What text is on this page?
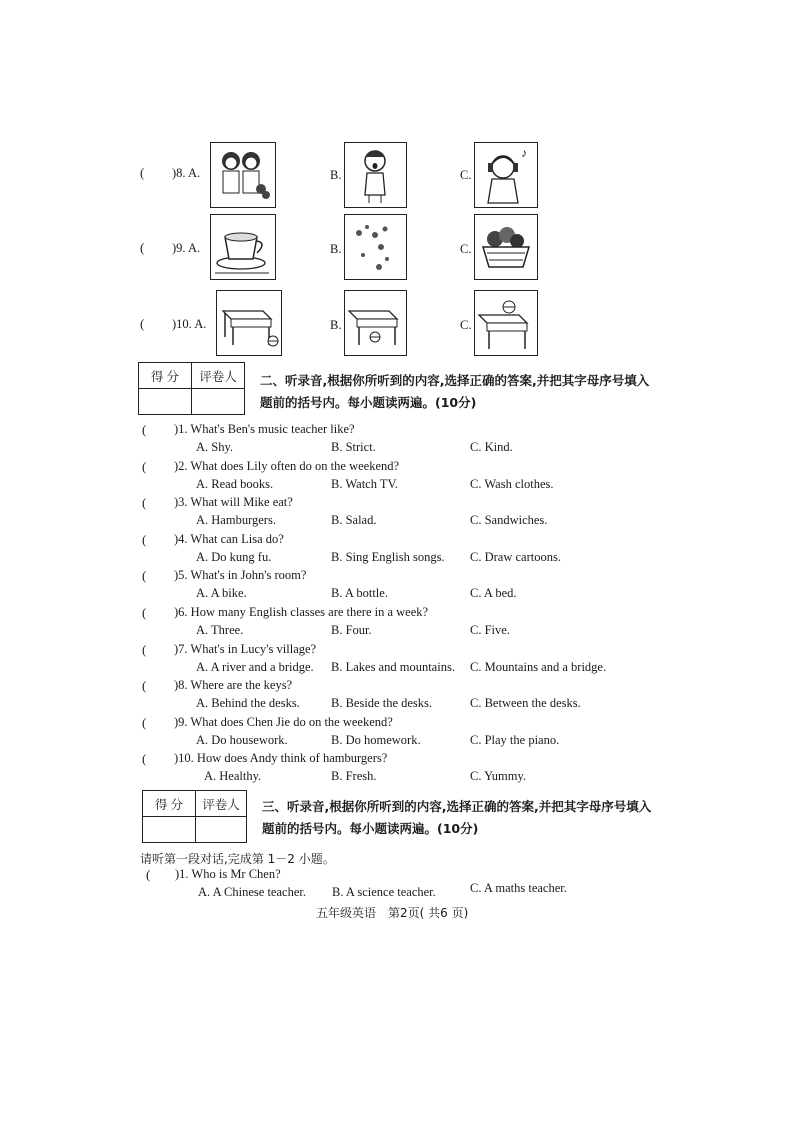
( )8. A.	B.	C.
♪
( )9. A.	B.	C.
( )10. A.	B.	C.
得 分	评卷人
	二、听录音,根据你所听到的内容,选择正确的答案,并把其字母序号填入题前的括号内。每小题读两遍。(10分)
( )1. What's Ben's music teacher like?
A. Shy.	B. Strict.	C. Kind.
( )2. What does Lily often do on the weekend?
A. Read books.	B. Watch TV.	C. Wash clothes.
( )3. What will Mike eat?
A. Hamburgers.	B. Salad.	C. Sandwiches.
( )4. What can Lisa do?
A. Do kung fu.	B. Sing English songs. C. Draw cartoons.
( )5. What's in John's room?
A. A bike.	B. A bottle.	C. A bed.
( )6. How many English classes are there in a week?
A. Three.	B. Four.	C. Five.
( )7. What's in Lucy's village?
A. A river and a bridge. B. Lakes and mountains. C. Mountains and a bridge.
( )8. Where are the keys?
A. Behind the desks. B. Beside the desks.	C. Between the desks.
( )9. What does Chen Jie do on the weekend?
A. Do housework.	B. Do homework.	C. Play the piano.
( )10. How does Andy think of hamburgers?
A. Healthy.	B. Fresh.	C. Yummy.
得 分	评卷人
	三、听录音,根据你所听到的内容,选择正确的答案,并把其字母序号填入题前的括号内。每小题读两遍。(10分)
请听第一段对话,完成第 1－2 小题。
( )1. Who is Mr Chen?
A. A Chinese teacher. B. A science teacher.	C. A maths teacher.
五年级英语　第2页( 共6 页)
